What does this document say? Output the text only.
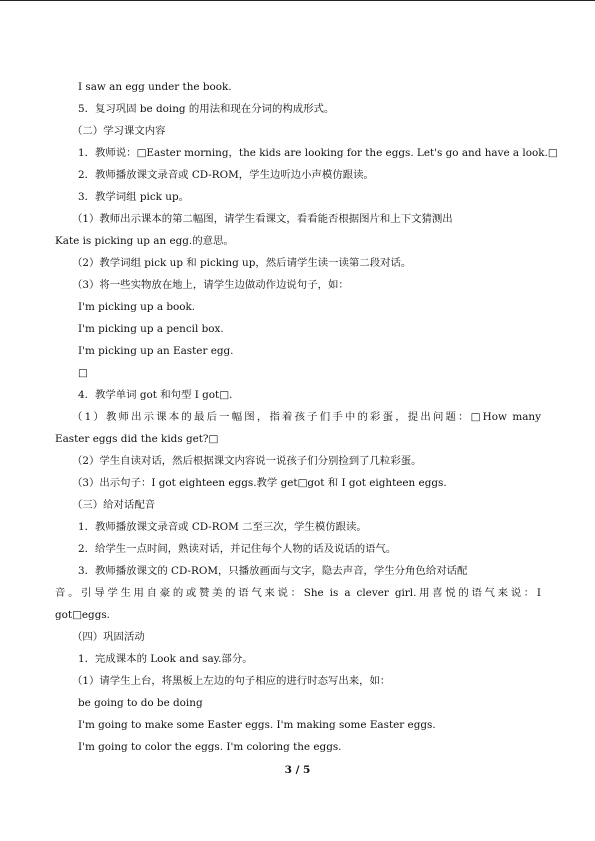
I saw an egg under the book.
5．复习巩固 be doing 的用法和现在分词的构成形式。
（二）学习课文内容
1．教师说：□Easter morning，the kids are looking for the eggs. Let's go and have a look.□
2．教师播放课文录音或 CD-ROM，学生边听边小声模仿跟读。
3．教学词组 pick up。
（1）教师出示课本的第二幅图，请学生看课文，看看能否根据图片和上下文猜测出
Kate is picking up an egg.的意思。
（2）教学词组 pick up 和 picking up，然后请学生读一读第二段对话。
（3）将一些实物放在地上，请学生边做动作边说句子，如：
I'm picking up a book.
I'm picking up a pencil box.
I'm picking up an Easter egg.
□
4．教学单词 got 和句型 I got□.
（1）教师出示课本的最后一幅图，指着孩子们手中的彩蛋，提出问题：□How many
Easter eggs did the kids get?□
（2）学生自读对话，然后根据课文内容说一说孩子们分别捡到了几粒彩蛋。
（3）出示句子：I got eighteen eggs.教学 get□got 和 I got eighteen eggs.
（三）给对话配音
1．教师播放课文录音或 CD-ROM 二至三次，学生模仿跟读。
2．给学生一点时间，熟读对话，并记住每个人物的话及说话的语气。
3．教师播放课文的 CD-ROM，只播放画面与文字，隐去声音，学生分角色给对话配
音。引导学生用自豪的或赞美的语气来说：She is a clever girl.用喜悦的语气来说：I
got□eggs.
（四）巩固活动
1．完成课本的 Look and say.部分。
（1）请学生上台，将黑板上左边的句子相应的进行时态写出来，如：
be going to do be doing
I'm going to make some Easter eggs. I'm making some Easter eggs.
I'm going to color the eggs. I'm coloring the eggs.
3 / 5
